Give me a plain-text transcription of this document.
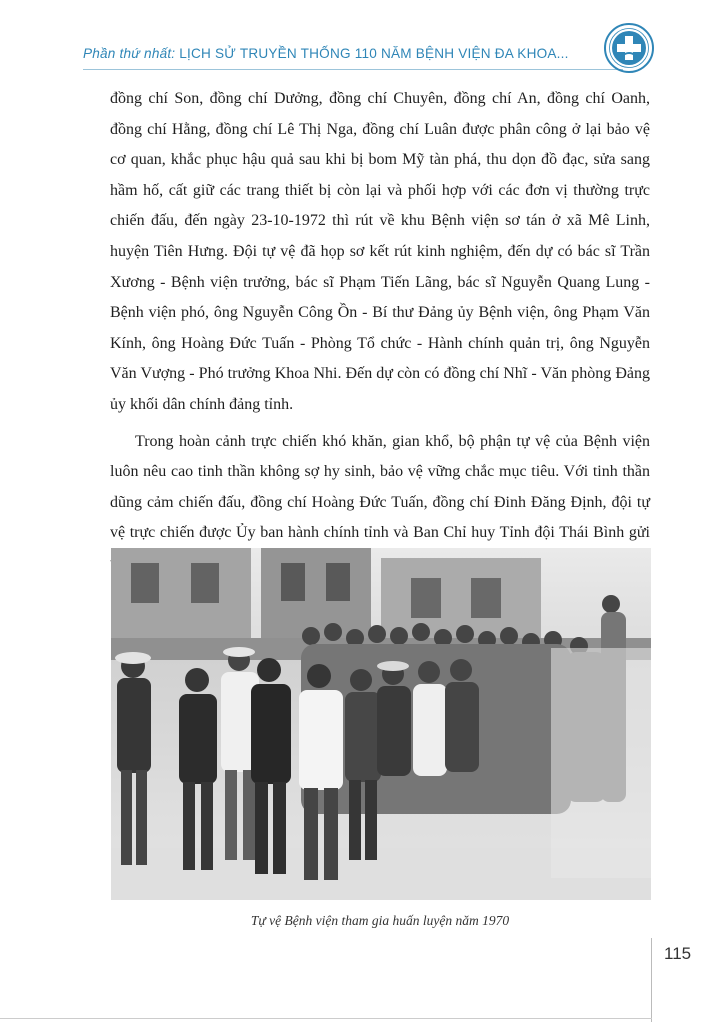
Phần thứ nhất: LỊCH SỬ TRUYỀN THỐNG 110 NĂM BỆNH VIỆN ĐA KHOA...

đồng chí Son, đồng chí Dưởng, đồng chí Chuyên, đồng chí An, đồng chí Oanh, đồng chí Hằng, đồng chí Lê Thị Nga, đồng chí Luân được phân công ở lại bảo vệ cơ quan, khắc phục hậu quả sau khi bị bom Mỹ tàn phá, thu dọn đồ đạc, sửa sang hầm hố, cất giữ các trang thiết bị còn lại và phối hợp với các đơn vị thường trực chiến đấu, đến ngày 23-10-1972 thì rút về khu Bệnh viện sơ tán ở xã Mê Linh, huyện Tiên Hưng. Đội tự vệ đã họp sơ kết rút kinh nghiệm, đến dự có bác sĩ Trần Xương - Bệnh viện trưởng, bác sĩ Phạm Tiến Lãng, bác sĩ Nguyễn Quang Lung - Bệnh viện phó, ông Nguyễn Công Ồn - Bí thư Đảng ủy Bệnh viện, ông Phạm Văn Kính, ông Hoàng Đức Tuấn - Phòng Tổ chức - Hành chính quản trị, ông Nguyễn Văn Vượng - Phó trưởng Khoa Nhi. Đến dự còn có đồng chí Nhĩ - Văn phòng Đảng ủy khối dân chính đảng tỉnh.

Trong hoàn cảnh trực chiến khó khăn, gian khổ, bộ phận tự vệ của Bệnh viện luôn nêu cao tinh thần không sợ hy sinh, bảo vệ vững chắc mục tiêu. Với tinh thần dũng cảm chiến đấu, đồng chí Hoàng Đức Tuấn, đồng chí Đinh Đăng Định, đội tự vệ trực chiến được Ủy ban hành chính tỉnh và Ban Chỉ huy Tỉnh đội Thái Bình gửi

Tự vệ Bệnh viện tham gia huấn luyện năm 1970
115
